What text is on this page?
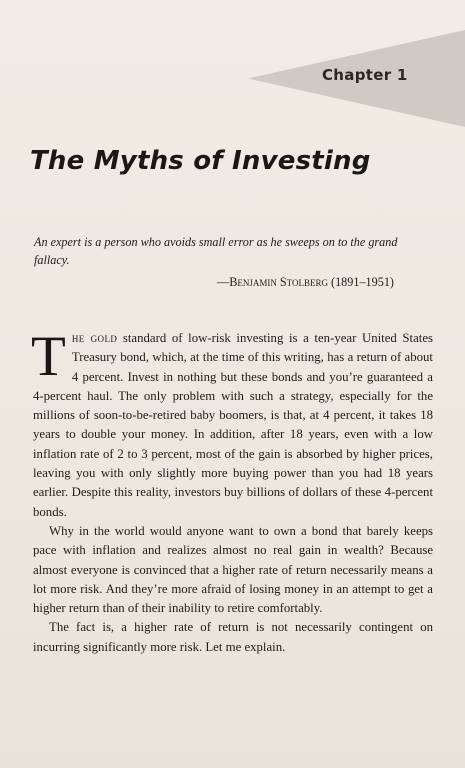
Chapter 1
The Myths of Investing

An expert is a person who avoids small error as he sweeps on to the grand fallacy.

—Benjamin Stolberg (1891–1951)

The gold standard of low-risk investing is a ten-year United States Treasury bond, which, at the time of this writing, has a return of about 4 percent. Invest in nothing but these bonds and you’re guaranteed a 4-percent haul. The only problem with such a strategy, especially for the millions of soon-to-be-retired baby boomers, is that, at 4 percent, it takes 18 years to double your money. In addition, after 18 years, even with a low inflation rate of 2 to 3 percent, most of the gain is absorbed by higher prices, leaving you with only slightly more buying power than you had 18 years earlier. Despite this reality, investors buy billions of dollars of these 4-percent bonds.

Why in the world would anyone want to own a bond that barely keeps pace with inflation and realizes almost no real gain in wealth? Because almost everyone is convinced that a higher rate of return necessarily means a lot more risk. And they’re more afraid of losing money in an attempt to get a higher return than of their inability to retire comfortably.

The fact is, a higher rate of return is not necessarily contingent on incurring significantly more risk. Let me explain.
